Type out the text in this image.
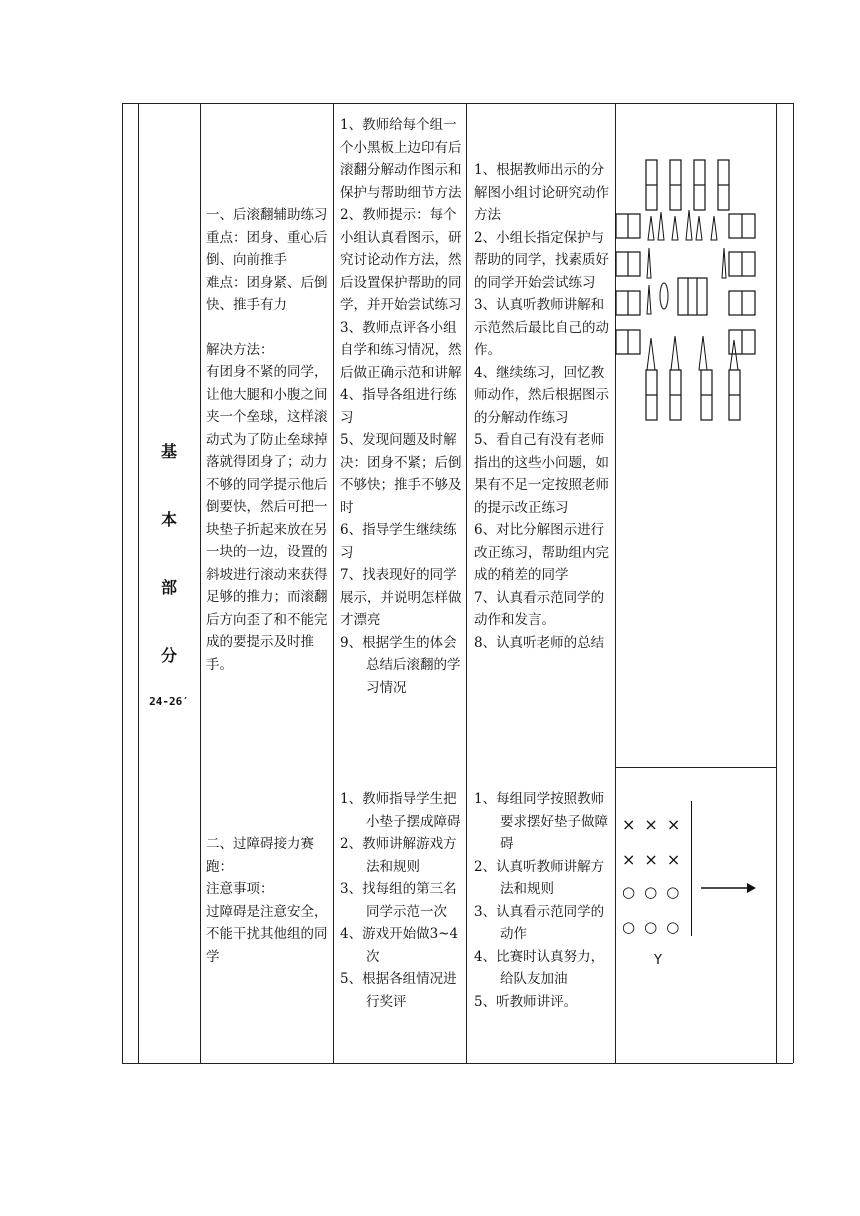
基
本
部
分
24-26′

一、后滚翻辅助练习

重点：团身、重心后倒、向前推手

难点：团身紧、后倒快、推手有力

解决方法：

有团身不紧的同学，让他大腿和小腹之间夹一个垒球，这样滚动式为了防止垒球掉落就得团身了；动力不够的同学提示他后倒要快，然后可把一块垫子折起来放在另一块的一边，设置的斜坡进行滚动来获得足够的推力；而滚翻后方向歪了和不能完成的要提示及时推手。

二、过障碍接力赛跑：

注意事项：

过障碍是注意安全，不能干扰其他组的同学

1、教师给每个组一个小黑板上边印有后滚翻分解动作图示和保护与帮助细节方法

2、教师提示：每个小组认真看图示，研究讨论动作方法，然后设置保护帮助的同学，并开始尝试练习

3、教师点评各小组自学和练习情况，然后做正确示范和讲解

4、指导各组进行练习

5、发现问题及时解决：团身不紧；后倒不够快；推手不够及时

6、指导学生继续练习

7、找表现好的同学展示，并说明怎样做才漂亮

9、根据学生的体会总结后滚翻的学习情况

1、教师指导学生把小垫子摆成障碍

2、教师讲解游戏方法和规则

3、找每组的第三名同学示范一次

4、游戏开始做3~4次

5、根据各组情况进行奖评

1、根据教师出示的分解图小组讨论研究动作方法

2、小组长指定保护与帮助的同学，找素质好的同学开始尝试练习

3、认真听教师讲解和示范然后最比自己的动作。

4、继续练习，回忆教师动作，然后根据图示的分解动作练习

5、看自己有没有老师指出的这些小问题，如果有不足一定按照老师的提示改正练习

6、对比分解图示进行改正练习，帮助组内完成的稍差的同学

7、认真看示范同学的动作和发言。

8、认真听老师的总结

1、每组同学按照教师要求摆好垫子做障碍

2、认真听教师讲解方法和规则

3、认真看示范同学的动作

4、比赛时认真努力，给队友加油

5、听教师讲评。

×××
×××
○○○
○○○
Y
